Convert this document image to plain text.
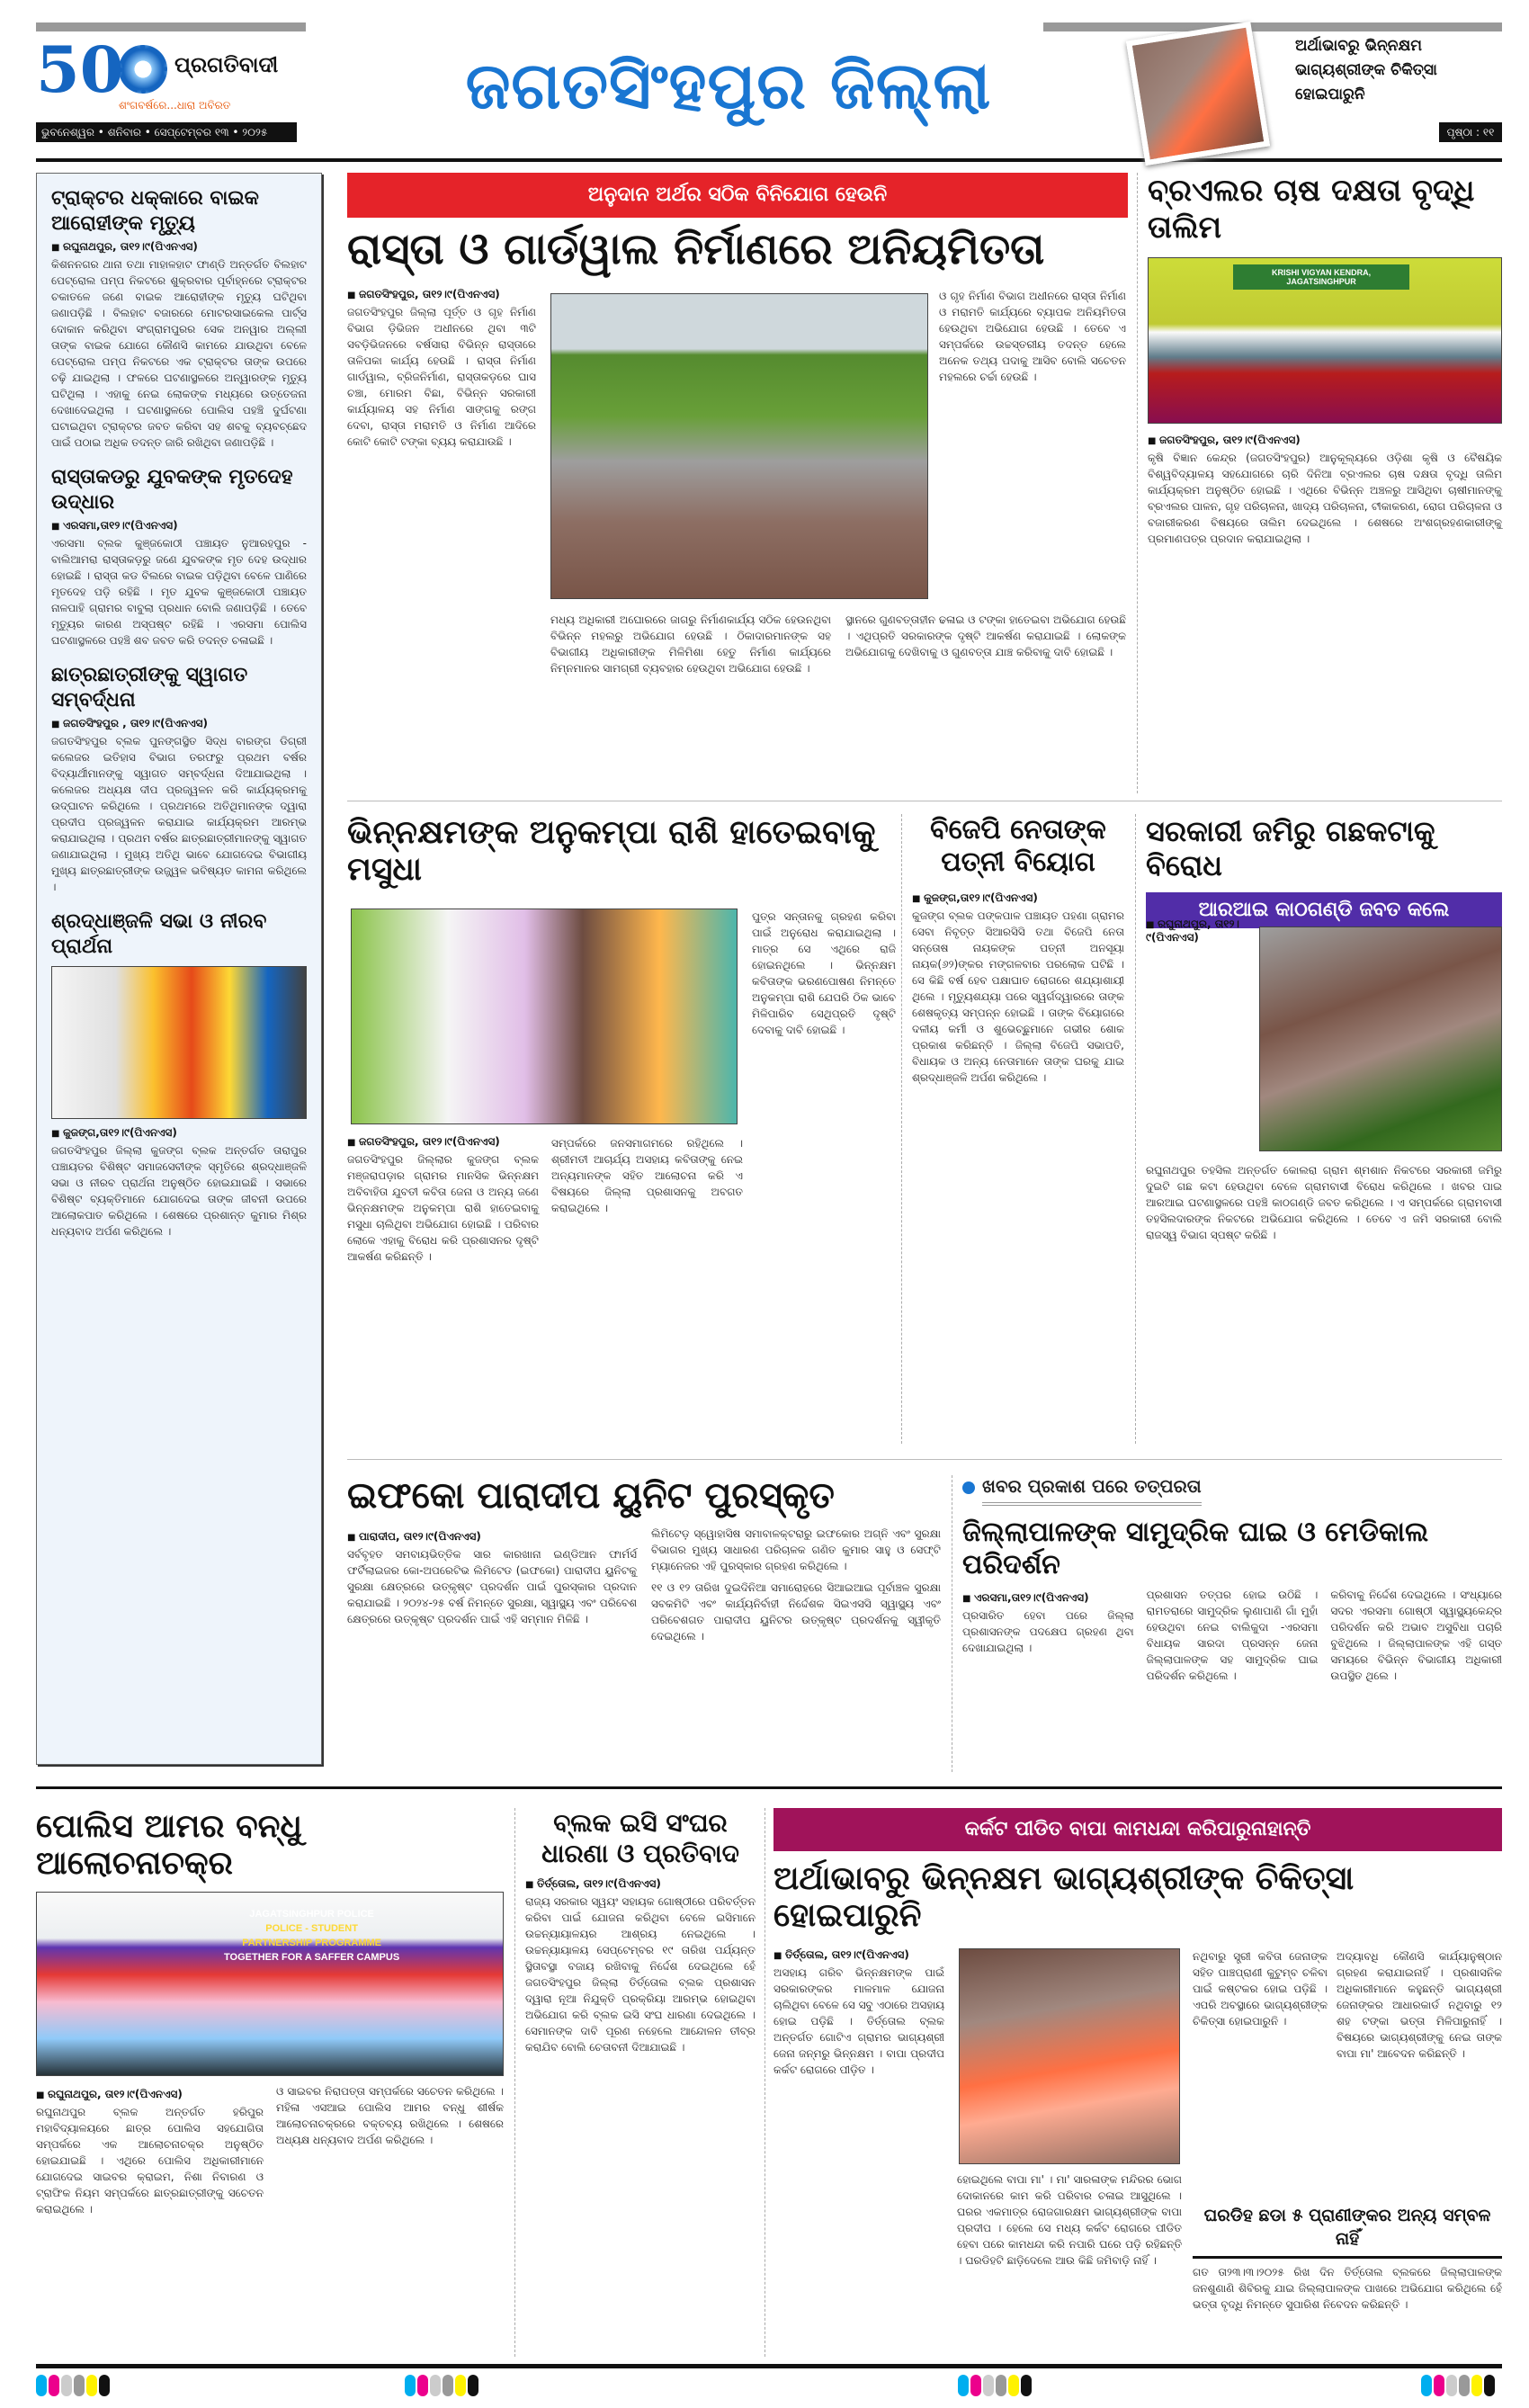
50 ପ୍ରଗତିବାଦୀ
ଶଂଗବର୍ଷରେ...ଧାରା ଅବିରତ
ଭୁବନେଶ୍ୱର • ଶନିବାର • ସେପ୍ଟେମ୍ବର ୧୩ • ୨୦୨୫
ଜଗତସିଂହପୁର ଜିଲ୍ଲା
ଅର୍ଥାଭାବରୁ ଭିନ୍ନକ୍ଷମ ଭାଗ୍ୟଶ୍ରୀଙ୍କ ଚିକିତ୍ସା ହୋଇପାରୁନି
ପୃଷ୍ଠା : ୧୧
ଟ୍ରାକ୍ଟର ଧକ୍କାରେ ବାଇକ ଆରୋହୀଙ୍କ ମୃତ୍ୟୁ
■ ରଘୁନାଥପୁର, ତା୧୨।୯(ପିଏନଏସ)
କିଶନନଗର ଥାନା ତଥା ମାହାଳହାଟ ଫାଣ୍ଡି ଅନ୍ତର୍ଗତ ବିଲହାଟ ପେଟ୍ରୋଲ ପମ୍ପ ନିକଟରେ ଶୁକ୍ରବାର ପୂର୍ବାହ୍ନରେ ଟ୍ରାକ୍ଟର ଚକାତଳେ ଜଣେ ବାଇକ ଆରୋହୀଙ୍କ ମୃତ୍ୟୁ ଘଟିଥିବା ଜଣାପଡ଼ିଛି । ବିଲହାଟ ବଜାରରେ ମୋଟରସାଇକେଲ ପାର୍ଟ୍ସ ଦୋକାନ କରିଥିବା ସଂଗ୍ରାମପୁରର ସେକ ଅନୱାର ଅଲ୍ଲୀ ତାଙ୍କ ବାଇକ ଯୋଗେ କୌଣସି କାମରେ ଯାଉଥିବା ବେଳେ ପେଟ୍ରୋଲ ପମ୍ପ ନିକଟରେ ଏକ ଟ୍ରାକ୍ଟର ତାଙ୍କ ଉପରେ ଚଢ଼ି ଯାଇଥିଲା । ଫଳରେ ଘଟଣାସ୍ଥଳରେ ଅନ୍ୱାରଙ୍କ ମୃତ୍ୟୁ ଘଟିଥିଲା । ଏହାକୁ ନେଇ ଲୋକଙ୍କ ମଧ୍ୟରେ ଉତ୍ତେଜନା ଦେଖାଦେଇଥିଲା । ଘଟଣାସ୍ଥଳରେ ପୋଲିସ ପହଞ୍ଚି ଦୁର୍ଘଟଣା ଘଟାଇଥିବା ଟ୍ରାକ୍ଟର ଜବତ କରିବା ସହ ଶବକୁ ବ୍ୟବଚ୍ଛେଦ ପାଇଁ ପଠାଇ ଅଧିକ ତଦନ୍ତ ଜାରି ରଖିଥିବା ଜଣାପଡ଼ିଛି ।
ରାସ୍ତାକଡରୁ ଯୁବକଙ୍କ ମୃତଦେହ ଉଦ୍ଧାର
■ ଏରସମା,ତା୧୨।୯(ପିଏନଏସ)
ଏରସମା ବ୍ଲକ କୁଞ୍ଜକୋଠୀ ପଞ୍ଚାୟତ ନୁଆରହପୁର - ବାଲିଆମରା ରାସ୍ତାକଡ଼ରୁ ଜଣେ ଯୁବକଙ୍କ ମୃତ ଦେହ ଉଦ୍ଧାର ହୋଇଛି । ରାସ୍ତା କଡ ବିଲରେ ବାଇକ ପଡ଼ିଥିବା ବେଳେ ପାଣିରେ ମୃତଦେହ ପଡ଼ି ରହିଛି । ମୃତ ଯୁବକ କୁଞ୍ଜକୋଠୀ ପଞ୍ଚାୟତ ନାଳପାହି ଗ୍ରାମର ବାବୁଲା ପ୍ରଧାନ ବୋଲି ଜଣାପଡ଼ିଛି । ତେବେ ମୃତ୍ୟୁର କାରଣ ଅସ୍ପଷ୍ଟ ରହିଛି । ଏରସମା ପୋଲିସ ଘଟଣାସ୍ଥଳରେ ପହଞ୍ଚି ଶବ ଜବତ କରି ତଦନ୍ତ ଚଳାଇଛି ।
ଛାତ୍ରଛାତ୍ରୀଙ୍କୁ ସ୍ୱାଗତ ସମ୍ବର୍ଦ୍ଧନା
■ ଜଗତସିଂହପୁର , ତା୧୨।୯(ପିଏନଏସ)
ଜଗତସିଂହପୁର ବ୍ଲକ ପୁନଙ୍ଗସ୍ଥିତ ସିଦ୍ଧ ବାରଙ୍ଗ ଡିଗ୍ରୀ କଲେଜର ଇତିହାସ ବିଭାଗ ତରଫରୁ ପ୍ରଥମ ବର୍ଷର ବିଦ୍ୟାର୍ଥୀମାନଙ୍କୁ ସ୍ୱାଗତ ସମ୍ବର୍ଦ୍ଧନା ଦିଆଯାଇଥିଲା । କଲେଜର ଅଧ୍ୟକ୍ଷ ଦୀପ ପ୍ରଜ୍ୱଳନ କରି କାର୍ଯ୍ୟକ୍ରମକୁ ଉଦ୍‌ଘାଟନ କରିଥିଲେ । ପ୍ରଥମରେ ଅତିଥିମାନଙ୍କ ଦ୍ୱାରା ପ୍ରଦୀପ ପ୍ରଜ୍ୱଳନ କରାଯାଇ କାର୍ଯ୍ୟକ୍ରମ ଆରମ୍ଭ କରାଯାଇଥିଲା । ପ୍ରଥମ ବର୍ଷର ଛାତ୍ରଛାତ୍ରୀମାନଙ୍କୁ ସ୍ୱାଗତ ଜଣାଯାଇଥିଲା । ମୁଖ୍ୟ ଅତିଥି ଭାବେ ଯୋଗଦେଇ ବିଭାଗୀୟ ମୁଖ୍ୟ ଛାତ୍ରଛାତ୍ରୀଙ୍କ ଉଜ୍ଜ୍ୱଳ ଭବିଷ୍ୟତ କାମନା କରିଥିଲେ ।
ଶ୍ରଦ୍ଧାଞ୍ଜଳି ସଭା ଓ ନୀରବ ପ୍ରାର୍ଥନା
■ କୁଜଙ୍ଗ,ତା୧୨।୯(ପିଏନଏସ)
ଜଗତସିଂହପୁର ଜିଲ୍ଲା କୁଜଙ୍ଗ ବ୍ଲକ ଅନ୍ତର୍ଗତ ତାରାପୁର ପଞ୍ଚାୟତର ବିଶିଷ୍ଟ ସମାଜସେବୀଙ୍କ ସ୍ମୃତିରେ ଶ୍ରଦ୍ଧାଞ୍ଜଳି ସଭା ଓ ନୀରବ ପ୍ରାର୍ଥନା ଅନୁଷ୍ଠିତ ହୋଇଯାଇଛି । ସଭାରେ ବିଶିଷ୍ଟ ବ୍ୟକ୍ତିମାନେ ଯୋଗଦେଇ ତାଙ୍କ ଜୀବନୀ ଉପରେ ଆଲୋକପାତ କରିଥିଲେ । ଶେଷରେ ପ୍ରଶାନ୍ତ କୁମାର ମିଶ୍ର ଧନ୍ୟବାଦ ଅର୍ପଣ କରିଥିଲେ ।
ଅନୁଦାନ ଅର୍ଥର ସଠିକ ବିନିଯୋଗ ହେଉନି
ରାସ୍ତା ଓ ଗାର୍ଡୱାଲ ନିର୍ମାଣରେ ଅନିୟମିତତା
■ ଜଗତସିଂହପୁର, ତା୧୨।୯(ପିଏନଏସ)
ଜଗତସିଂହପୁର ଜିଲ୍ଲା ପୂର୍ତ୍ତ ଓ ଗୃହ ନିର୍ମାଣ ବିଭାଗ ଡ଼ିଭିଜନ ଅଧୀନରେ ଥିବା ୩ଟି ସବଡ଼ିଭିଜନରେ ବର୍ଷସାରା ବିଭିନ୍ନ ରାସ୍ତାରେ ତାଳିପକା କାର୍ଯ୍ୟ ହେଉଛି । ରାସ୍ତା ନିର୍ମାଣ ଗାର୍ଡୱାଲ, ବ୍ରିଜନିର୍ମାଣ, ରାସ୍ତାକଡ଼ରେ ଘାସ ଚଞ୍ଚା, ମୋରମ ବିଛା, ବିଭିନ୍ନ ସରକାରୀ କାର୍ଯ୍ୟାଳୟ ସହ ନିର୍ମାଣ ସାଙ୍ଗକୁ ରଙ୍ଗ ଦେବା, ରାସ୍ତା ମରାମତି ଓ ନିର୍ମାଣ ଆଦିରେ କୋଟି କୋଟି ଟଙ୍କା ବ୍ୟୟ କରାଯାଉଛି ।
ଓ ଗୃହ ନିର୍ମାଣ ବିଭାଗ ଅଧୀନରେ ରାସ୍ତା ନିର୍ମାଣ ଓ ମରାମତି କାର୍ଯ୍ୟରେ ବ୍ୟାପକ ଅନିୟମିତତା ହେଉଥିବା ଅଭିଯୋଗ ହେଉଛି । ତେବେ ଏ ସମ୍ପର୍କରେ ଉଚ୍ଚସ୍ତରୀୟ ତଦନ୍ତ ହେଲେ ଅନେକ ତଥ୍ୟ ପଦାକୁ ଆସିବ ବୋଲି ସଚେତନ ମହଲରେ ଚର୍ଚ୍ଚା ହେଉଛି ।
ମଧ୍ୟ ଅଧିକାରୀ ଅଘୋରରେ ଜାଗରୁ ନିର୍ମାଣକାର୍ଯ୍ୟ ସଠିକ ହେଉନଥିବା ବିଭିନ୍ନ ମହଲରୁ ଅଭିଯୋଗ ହେଉଛି । ଠିକାଦାରମାନଙ୍କ ସହ ବିଭାଗୀୟ ଅଧିକାରୀଙ୍କ ମିଳିମିଶା ହେତୁ ନିର୍ମାଣ କାର୍ଯ୍ୟରେ ନିମ୍ନମାନର ସାମଗ୍ରୀ ବ୍ୟବହାର ହେଉଥିବା ଅଭିଯୋଗ ହେଉଛି ।
ସ୍ଥାନରେ ଗୁଣବତ୍ତାହୀନ ଢଳାଇ ଓ ଟଙ୍କା ହାତେଇବା ଅଭିଯୋଗ ହେଉଛି । ଏଥିପ୍ରତି ସରକାରଙ୍କ ଦୃଷ୍ଟି ଆକର୍ଷଣ କରାଯାଇଛି । ଲୋକଙ୍କ ଅଭିଯୋଗକୁ ଦେଖିବାକୁ ଓ ଗୁଣବତ୍ତା ଯାଞ୍ଚ କରିବାକୁ ଦାବି ହୋଇଛି ।
ବ୍ରଏଲର ଚାଷ ଦକ୍ଷତା ବୃଦ୍ଧି ତାଲିମ
KRISHI VIGYAN KENDRA, JAGATSINGHPUR
■ ଜଗତସିଂହପୁର, ତା୧୨।୯(ପିଏନଏସ)
କୃଷି ବିଜ୍ଞାନ କେନ୍ଦ୍ର (ଜଗତସିଂହପୁର) ଆନୁକୂଲ୍ୟରେ ଓଡ଼ିଶା କୃଷି ଓ ବୈଷୟିକ ବିଶ୍ୱବିଦ୍ୟାଳୟ ସହଯୋଗରେ ଚାରି ଦିନିଆ ବ୍ରଏଲର ଚାଷ ଦକ୍ଷତା ବୃଦ୍ଧି ତାଲିମ କାର୍ଯ୍ୟକ୍ରମ ଅନୁଷ୍ଠିତ ହୋଇଛି । ଏଥିରେ ବିଭିନ୍ନ ଅଞ୍ଚଳରୁ ଆସିଥିବା ଚାଷୀମାନଙ୍କୁ ବ୍ରଏଲର ପାଳନ, ଗୃହ ପରିଚାଳନା, ଖାଦ୍ୟ ପରିଚାଳନା, ଟୀକାକରଣ, ରୋଗ ପରିଚାଳନା ଓ ବଜାରୀକରଣ ବିଷୟରେ ତାଲିମ ଦେଇଥିଲେ । ଶେଷରେ ଅଂଶଗ୍ରହଣକାରୀଙ୍କୁ ପ୍ରମାଣପତ୍ର ପ୍ରଦାନ କରାଯାଇଥିଲା ।
ଭିନ୍ନକ୍ଷମଙ୍କ ଅନୁକମ୍ପା ରାଶି ହାତେଇବାକୁ ମସୁଧା
ପୁତ୍ର ସନ୍ତାନକୁ ଗ୍ରହଣ କରିବା ପାଇଁ ଅନୁରୋଧ କରାଯାଇଥିଲା । ମାତ୍ର ସେ ଏଥିରେ ରାଜି ହୋଇନଥିଲେ । ଭିନ୍ନକ୍ଷମ କବିତାଙ୍କ ଭରଣପୋଷଣ ନିମନ୍ତେ ଅନୁକମ୍ପା ରାଶି ଯେପରି ଠିକ ଭାବେ ମିଳିପାରିବ ସେଥିପ୍ରତି ଦୃଷ୍ଟି ଦେବାକୁ ଦାବି ହୋଇଛି ।
■ ଜଗତସିଂହପୁର, ତା୧୨।୯(ପିଏନଏସ)
ଜଗତସିଂହପୁର ଜିଲ୍ଲାର କୁଜଙ୍ଗ ବ୍ଲକ ମଞ୍ଜରାପଡ଼ାର ଗ୍ରାମର ମାନସିକ ଭିନ୍ନକ୍ଷମ ଅବିବାହିତା ଯୁବତୀ କବିତା ଜେନା ଓ ଅନ୍ୟ ଜଣେ ଭିନ୍ନକ୍ଷମଙ୍କ ଅନୁକମ୍ପା ରାଶି ହାତେଇବାକୁ ମସୁଧା ଚାଲିଥିବା ଅଭିଯୋଗ ହୋଇଛି । ପରିବାର ଲୋକେ ଏହାକୁ ବିରୋଧ କରି ପ୍ରଶାସନର ଦୃଷ୍ଟି ଆକର୍ଷଣ କରିଛନ୍ତି ।
ସମ୍ପର୍କରେ ଜନସମାଗମରେ ରହିଥିଲେ । ଶ୍ରୀମତୀ ଆଚାର୍ଯ୍ୟ ଅସହାୟ କବିତାଙ୍କୁ ନେଇ ଅନ୍ୟମାନଙ୍କ ସହିତ ଆଲୋଚନା କରି ଏ ବିଷୟରେ ଜିଲ୍ଲା ପ୍ରଶାସନକୁ ଅବଗତ କରାଇଥିଲେ ।
ବିଜେପି ନେତାଙ୍କ ପତ୍ନୀ ବିୟୋଗ
■ କୁଜଙ୍ଗ,ତା୧୨।୯(ପିଏନଏସ)
କୁଜଙ୍ଗ ବ୍ଲକ ପଙ୍କପାଳ ପଞ୍ଚାୟତ ପହଣା ଗ୍ରାମର ସେବା ନିବୃତ୍ତ ସିଆରସିସି ତଥା ବିଜେପି ନେତା ସନ୍ତୋଷ ନାୟକଙ୍କ ପତ୍ନୀ ଅନସୂୟା ନାୟକ(୬୨)ଙ୍କର ମଙ୍ଗଳବାର ପରଲୋକ ଘଟିଛି । ସେ କିଛି ବର୍ଷ ହେବ ପକ୍ଷାଘାତ ରୋଗରେ ଶଯ୍ୟାଶାୟୀ ଥିଲେ । ମୃତ୍ୟୁଶଯ୍ୟା ପରେ ସ୍ୱର୍ଗଦ୍ୱାରରେ ତାଙ୍କ ଶେଷକୃତ୍ୟ ସମ୍ପନ୍ନ ହୋଇଛି । ତାଙ୍କ ବିୟୋଗରେ ଦଳୀୟ କର୍ମୀ ଓ ଶୁଭେଚ୍ଛୁମାନେ ଗଭୀର ଶୋକ ପ୍ରକାଶ କରିଛନ୍ତି । ଜିଲ୍ଲା ବିଜେପି ସଭାପତି, ବିଧାୟକ ଓ ଅନ୍ୟ ନେତାମାନେ ତାଙ୍କ ଘରକୁ ଯାଇ ଶ୍ରଦ୍ଧାଞ୍ଜଳି ଅର୍ପଣ କରିଥିଲେ ।
ସରକାରୀ ଜମିରୁ ଗଛକଟାକୁ ବିରୋଧ
ଆରଆଇ କାଠଗଣ୍ଡି ଜବତ କଲେ
■ ରଘୁନାଥପୁର, ତା୧୨।୯(ପିଏନଏସ)
ରଘୁନାଥପୁର ତହସିଲ ଅନ୍ତର୍ଗତ କୋଲରା ଗ୍ରାମ ଶ୍ମଶାନ ନିକଟରେ ସରକାରୀ ଜମିରୁ ଦୁଇଟି ଗଛ କଟା ହେଉଥିବା ବେଳେ ଗ୍ରାମବାସୀ ବିରୋଧ କରିଥିଲେ । ଖବର ପାଇ ଆରଆଇ ଘଟଣାସ୍ଥଳରେ ପହଞ୍ଚି କାଠଗଣ୍ଡି ଜବତ କରିଥିଲେ । ଏ ସମ୍ପର୍କରେ ଗ୍ରାମବାସୀ ତହସିଲଦାରଙ୍କ ନିକଟରେ ଅଭିଯୋଗ କରିଥିଲେ । ତେବେ ଏ ଜମି ସରକାରୀ ବୋଲି ରାଜସ୍ୱ ବିଭାଗ ସ୍ପଷ୍ଟ କରିଛି ।
ଇଫକୋ ପାରାଦୀପ ୟୁନିଟ ପୁରସ୍କୃତ
■ ପାରାଦୀପ, ତା୧୨।୯(ପିଏନଏସ)
ସର୍ବବୃହତ ସମବାୟଭିତ୍ତିକ ସାର କାରଖାନା ଇଣ୍ଡିଆନ ଫାର୍ମର୍ସ ଫର୍ଟିଲାଇଜର କୋ-ଅପରେଟିଭ ଲିମିଟେଡ (ଇଫକୋ) ପାରାଦୀପ ୟୁନିଟକୁ ସୁରକ୍ଷା କ୍ଷେତ୍ରରେ ଉତ୍କୃଷ୍ଟ ପ୍ରଦର୍ଶନ ପାଇଁ ପୁରସ୍କାର ପ୍ରଦାନ କରାଯାଇଛି । ୨୦୨୪-୨୫ ବର୍ଷ ନିମନ୍ତେ ସୁରକ୍ଷା, ସ୍ୱାସ୍ଥ୍ୟ ଏବଂ ପରିବେଶ କ୍ଷେତ୍ରରେ ଉତ୍କୃଷ୍ଟ ପ୍ରଦର୍ଶନ ପାଇଁ ଏହି ସମ୍ମାନ ମିଳିଛି ।
ଲିମିଟେଡ଼ ସ୍ୱୋହାସିଷ ସମାବାଳକ୍ଟରାରୁ ଇଫକୋର ଅଗ୍ନି ଏବଂ ସୁରକ୍ଷା ବିଭାଗର ମୁଖ୍ୟ ସାଧାରଣ ପରିଚାଳକ ଗଣିତ କୁମାର ସାହୁ ଓ ସେଫ୍ଟି ମ୍ୟାନେଜର ଏହି ପୁରସ୍କାର ଗ୍ରହଣ କରିଥିଲେ ।
୧୧ ଓ ୧୨ ତାରିଖ ଦୁଇଦିନିଆ ସମାରୋହରେ ସିଆଇଆଇ ପୂର୍ବାଞ୍ଚଳ ସୁରକ୍ଷା ସବକମିଟି ଏବଂ କାର୍ଯ୍ୟନିର୍ବାହୀ ନିର୍ଦ୍ଦେଶକ ସିଇଏସସି ସ୍ୱାସ୍ଥ୍ୟ ଏବଂ ପରିବେଶଗତ ପାରାଦୀପ ୟୁନିଟର ଉତ୍କୃଷ୍ଟ ପ୍ରଦର୍ଶନକୁ ସ୍ୱୀକୃତି ଦେଇଥିଲେ ।
ଖବର ପ୍ରକାଶ ପରେ ତତ୍ପରତା
ଜିଲ୍ଲାପାଳଙ୍କ ସାମୁଦ୍ରିକ ଘାଇ ଓ ମେଡିକାଲ ପରିଦର୍ଶନ
■ ଏରସମା,ତା୧୨।୯(ପିଏନଏସ)
ପ୍ରସାରିତ ହେବା ପରେ ଜିଲ୍ଲା ପ୍ରଶାସନଙ୍କ ପଦକ୍ଷେପ ଗ୍ରହଣ ଥିବା ଦେଖାଯାଇଥିଲା ।
ପ୍ରଶାସନ ତତ୍ପର ହୋଇ ଉଠିଛି । ରାମତରାରେ ସାମୁଦ୍ରିକ ଲୁଣାପାଣି ଗାଁ ମୁହାଁ ହେଉଥିବା ନେଇ ବାଲିକୁଦା -ଏରସମା ବିଧାୟକ ସାରଦା ପ୍ରସନ୍ନ ଜେନା ଜିଲ୍ଲାପାଳଙ୍କ ସହ ସାମୁଦ୍ରିକ ଘାଇ ପରିଦର୍ଶନ କରିଥିଲେ ।
କରିବାକୁ ନିର୍ଦ୍ଦେଶ ଦେଇଥିଲେ । ସଂଧ୍ୟାରେ ସଦର ଏରସମା ଗୋଷ୍ଠୀ ସ୍ୱାସ୍ଥ୍ୟକେନ୍ଦ୍ର ପରିଦର୍ଶନ କରି ଅଭାବ ଅସୁବିଧା ପଚାରି ବୁଝିଥିଲେ । ଜିଲ୍ଲାପାଳଙ୍କ ଏହି ଗସ୍ତ ସମୟରେ ବିଭିନ୍ନ ବିଭାଗୀୟ ଅଧିକାରୀ ଉପସ୍ଥିତ ଥିଲେ ।
ପୋଲିସ ଆମର ବନ୍ଧୁ ଆଲୋଚନାଚକ୍ର
JAGATSINGHPUR POLICE
POLICE - STUDENT
PARTNERSHIP PROGRAMME
TOGETHER FOR A SAFFER CAMPUS
■ ରଘୁନାଥପୁର, ତା୧୨।୯(ପିଏନଏସ)
ରଘୁନାଥପୁର ବ୍ଲକ ଅନ୍ତର୍ଗତ ହରିପୁର ମହାବିଦ୍ୟାଳୟରେ ଛାତ୍ର ପୋଲିସ ସହଯୋଗିତା ସମ୍ପର୍କରେ ଏକ ଆଲୋଚନାଚକ୍ର ଅନୁଷ୍ଠିତ ହୋଇଯାଇଛି । ଏଥିରେ ପୋଲିସ ଅଧିକାରୀମାନେ ଯୋଗଦେଇ ସାଇବର କ୍ରାଇମ, ନିଶା ନିବାରଣ ଓ ଟ୍ରାଫିକ ନିୟମ ସମ୍ପର୍କରେ ଛାତ୍ରଛାତ୍ରୀଙ୍କୁ ସଚେତନ କରାଇଥିଲେ ।
ଓ ସାଇବର ନିରାପତ୍ତା ସମ୍ପର୍କରେ ସଚେତନ କରିଥିଲେ । ମହିଳା ଏସଆଇ ପୋଲିସ ଆମର ବନ୍ଧୁ ଶୀର୍ଷକ ଆଲୋଚନାଚକ୍ରରେ ବକ୍ତବ୍ୟ ରଖିଥିଲେ । ଶେଷରେ ଅଧ୍ୟକ୍ଷ ଧନ୍ୟବାଦ ଅର୍ପଣ କରିଥିଲେ ।
ବ୍ଲକ ଇସି ସଂଘର ଧାରଣା ଓ ପ୍ରତିବାଦ
■ ତିର୍ତ୍ତୋଲ, ତା୧୨।୯(ପିଏନଏସ)
ରାଜ୍ୟ ସରକାର ସ୍ୱୟଂ ସହାୟକ ଗୋଷ୍ଠୀରେ ପରିବର୍ତ୍ତନ କରିବା ପାଇଁ ଯୋଜନା କରିଥିବା ବେଳେ ଇସିମାନେ ଉଚ୍ଚନ୍ୟାୟାଳୟର ଆଶ୍ରୟ ନେଇଥିଲେ । ଉଚ୍ଚନ୍ୟାୟାଳୟ ସେପ୍ଟେମ୍ବର ୧୯ ତାରିଖ ପର୍ଯ୍ୟନ୍ତ ସ୍ଥିତାବସ୍ଥା ବଜାୟ ରଖିବାକୁ ନିର୍ଦ୍ଦେଶ ଦେଇଥିଲେ ହେଁ ଜଗତସିଂହପୁର ଜିଲ୍ଲା ତିର୍ତ୍ତୋଲ ବ୍ଲକ ପ୍ରଶାସନ ଦ୍ୱାରା ନୂଆ ନିଯୁକ୍ତି ପ୍ରକ୍ରିୟା ଆରମ୍ଭ ହୋଇଥିବା ଅଭିଯୋଗ କରି ବ୍ଲକ ଇସି ସଂଘ ଧାରଣା ଦେଇଥିଲେ । ସେମାନଙ୍କ ଦାବି ପୂରଣ ନହେଲେ ଆନ୍ଦୋଳନ ତୀବ୍ର କରାଯିବ ବୋଲି ଚେତାବନୀ ଦିଆଯାଇଛି ।
କର୍କଟ ପୀଡିତ ବାପା କାମଧନ୍ଦା କରିପାରୁନାହାନ୍ତି
ଅର୍ଥାଭାବରୁ ଭିନ୍ନକ୍ଷମ ଭାଗ୍ୟଶ୍ରୀଙ୍କ ଚିକିତ୍ସା ହୋଇପାରୁନି
■ ତିର୍ତ୍ତୋଲ, ତା୧୨।୯(ପିଏନଏସ)
ଅସହାୟ ଗରିବ ଭିନ୍ନକ୍ଷମଙ୍କ ପାଇଁ ସରକାରଙ୍କର ମାଳମାଳ ଯୋଜନା ଚାଲିଥିବା ବେଳେ ସେ ସବୁ ଏଠାରେ ଅସହାୟ ହୋଇ ପଡ଼ିଛି । ତିର୍ତ୍ତୋଲ ବ୍ଲକ ଅନ୍ତର୍ଗତ ଗୋଟିଏ ଗ୍ରାମର ଭାଗ୍ୟଶ୍ରୀ ଜେନା ଜନ୍ମରୁ ଭିନ୍ନକ୍ଷମ । ବାପା ପ୍ରଦୀପ କର୍କଟ ରୋଗରେ ପୀଡ଼ିତ ।
ହୋଇଥିଲେ ବାପା ମା' । ମା' ସାରଳାଙ୍କ ମନ୍ଦିରର ଭୋଗ ଦୋକାନରେ କାମ କରି ପରିବାର ଚଳାଇ ଆସୁଥିଲେ । ଘରର ଏକମାତ୍ର ରୋଜଗାରକ୍ଷମ ଭାଗ୍ୟଶ୍ରୀଙ୍କ ବାପା ପ୍ରଦୀପ । ହେଲେ ସେ ମଧ୍ୟ କର୍କଟ ରୋଗରେ ପୀଡିତ ହେବା ପରେ କାମଧନ୍ଦା କରି ନପାରି ଘରେ ପଡ଼ି ରହିଛନ୍ତି । ଘରଡିହଟି ଛାଡ଼ିଦେଲେ ଆଉ କିଛି ଜମିବାଡ଼ି ନାହିଁ ।
ନଥିବାରୁ ସ୍ତ୍ରୀ କବିତା ଜେନାଙ୍କ ସହିତ ପାଞ୍ଚପ୍ରାଣୀ କୁଟୁମ୍ବ ଚଳିବା ପାଇଁ କଷ୍ଟକର ହୋଇ ପଡ଼ିଛି । ଏପରି ଅବସ୍ଥାରେ ଭାଗ୍ୟଶ୍ରୀଙ୍କ ଚିକିତ୍ସା ହୋଇପାରୁନି ।
ଅଦ୍ୟାବଧି କୌଣସି କାର୍ଯ୍ୟାନୁଷ୍ଠାନ ଗ୍ରହଣ କରାଯାଇନାହିଁ । ପ୍ରଶାସନିକ ଅଧିକାରୀମାନେ କହୁଛନ୍ତି ଭାଗ୍ୟଶ୍ରୀ ଜେନାଙ୍କର ଆଧାରକାର୍ଡ ନଥିବାରୁ ୧୨ ଶହ ଟଙ୍କା ଭତ୍ତା ମିଳିପାରୁନାହିଁ । ବିଷୟରେ ଭାଗ୍ୟଶ୍ରୀଙ୍କୁ ନେଇ ତାଙ୍କ ବାପା ମା' ଆବେଦନ କରିଛନ୍ତି ।
ଘରଡିହ ଛଡା ୫ ପ୍ରାଣୀଙ୍କର ଅନ୍ୟ ସମ୍ବଳ ନାହିଁ
ଗତ ତା୨୩।୩।୨୦୨୫ ରିଖ ଦିନ ତିର୍ତ୍ତୋଲ ବ୍ଲକରେ ଜିଲ୍ଲାପାଳଙ୍କ ଜନଶୁଣାଣି ଶିବିରକୁ ଯାଇ ଜିଲ୍ଲାପାଳଙ୍କ ପାଖରେ ଅଭିଯୋଗ କରିଥିଲେ ହେଁ ଭତ୍ତା ବୃଦ୍ଧି ନିମନ୍ତେ ସୁପାରିଶ ନିବେଦନ କରିଛନ୍ତି ।
